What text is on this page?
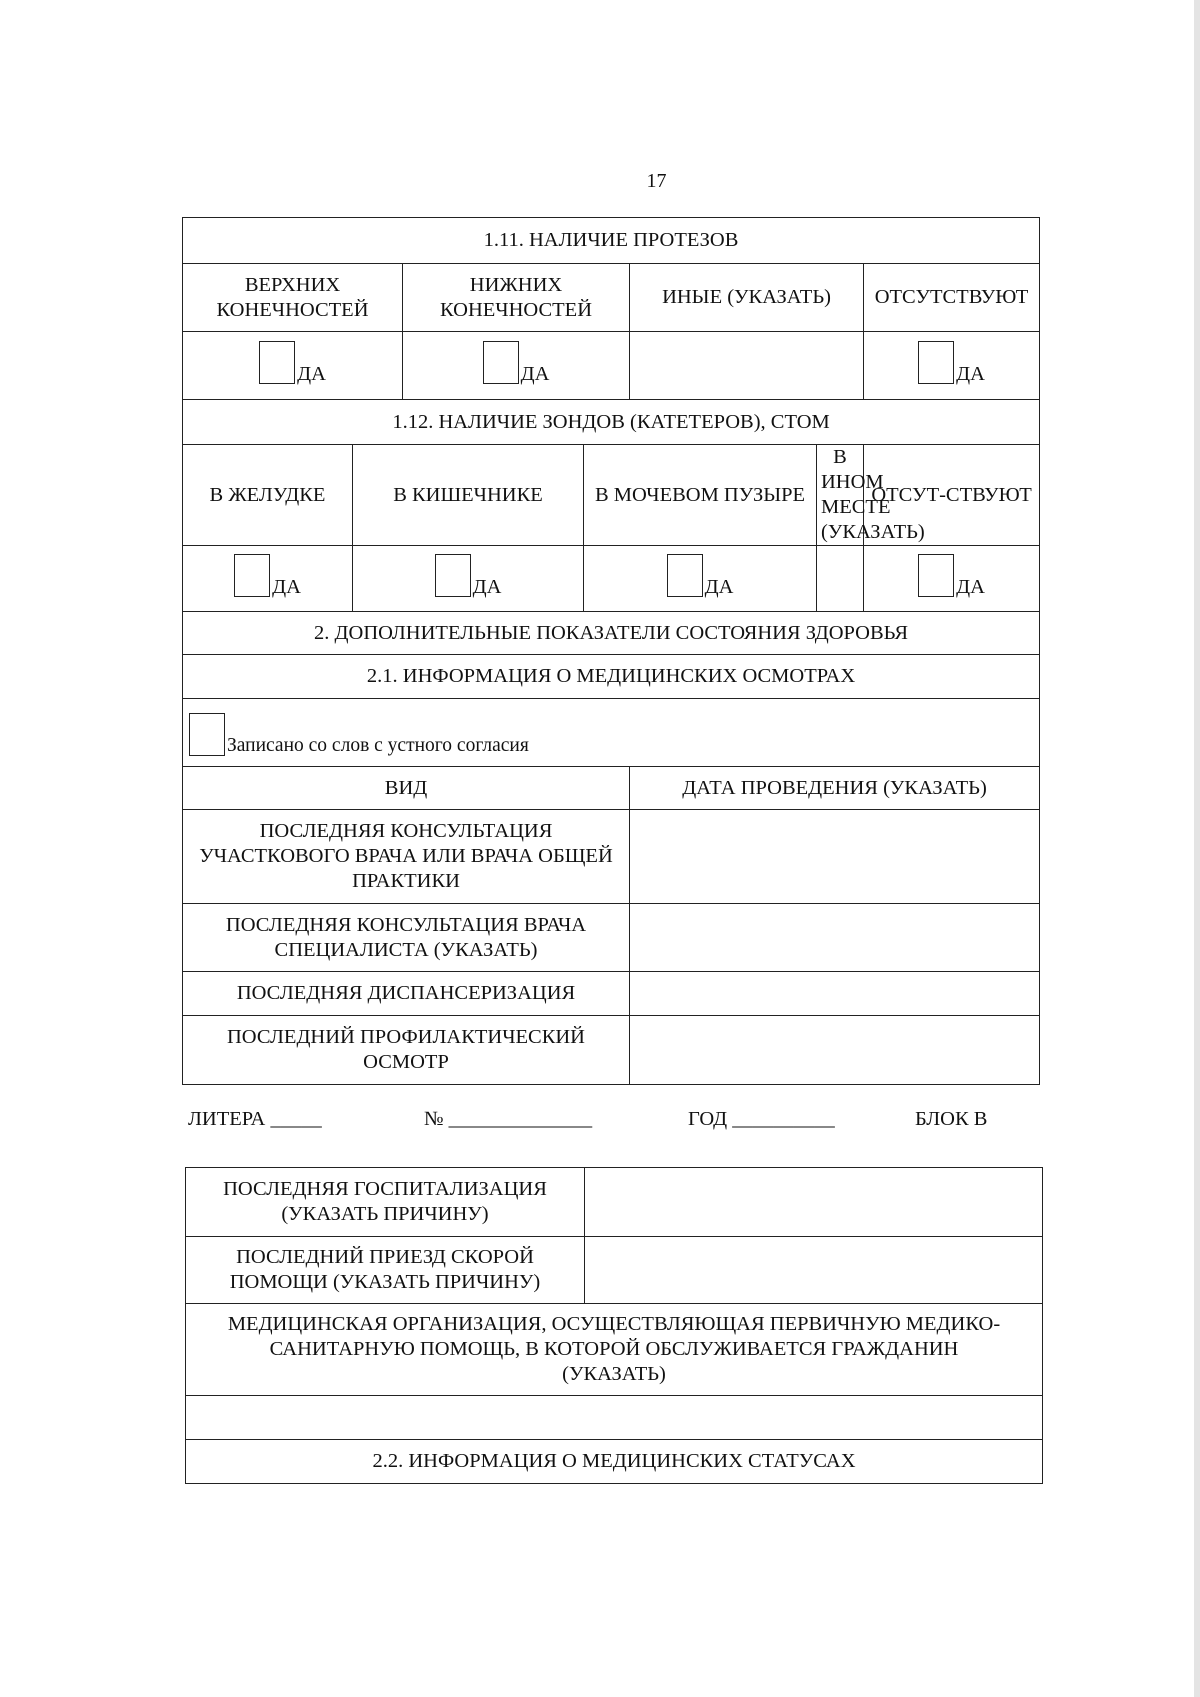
17
1.11. НАЛИЧИЕ ПРОТЕЗОВ						
ВЕРХНИХ КОНЕЧНОСТЕЙ		НИЖНИХ КОНЕЧНОСТЕЙ		ИНЫЕ (УКАЗАТЬ)		ОТСУТСТВУЮТ

ДА		ДА				ДА

1.12. НАЛИЧИЕ ЗОНДОВ (КАТЕТЕРОВ), СТОМ						
В ЖЕЛУДКЕ	В КИШЕЧНИКЕ		В МОЧЕВОМ ПУЗЫРЕ		В ИНОМ МЕСТЕ (УКАЗАТЬ)	ОТСУТ-СТВУЮТ

ДА	ДА		ДА			ДА

2. ДОПОЛНИТЕЛЬНЫЕ ПОКАЗАТЕЛИ СОСТОЯНИЯ ЗДОРОВЬЯ						
2.1. ИНФОРМАЦИЯ О МЕДИЦИНСКИХ ОСМОТРАХ						

Записано со слов с устного согласия						

ВИД				ДАТА ПРОВЕДЕНИЯ (УКАЗАТЬ)		
ПОСЛЕДНЯЯ КОНСУЛЬТАЦИЯ УЧАСТКОВОГО ВРАЧА ИЛИ ВРАЧА ОБЩЕЙ ПРАКТИКИ						
ПОСЛЕДНЯЯ КОНСУЛЬТАЦИЯ ВРАЧА СПЕЦИАЛИСТА (УКАЗАТЬ)						
ПОСЛЕДНЯЯ ДИСПАНСЕРИЗАЦИЯ						
ПОСЛЕДНИЙ ПРОФИЛАКТИЧЕСКИЙ ОСМОТР						
ЛИТЕРА _____	№ ______________	ГОД __________	БЛОК В
ПОСЛЕДНЯЯ ГОСПИТАЛИЗАЦИЯ (УКАЗАТЬ ПРИЧИНУ)	
ПОСЛЕДНИЙ ПРИЕЗД СКОРОЙ ПОМОЩИ (УКАЗАТЬ ПРИЧИНУ)	
МЕДИЦИНСКАЯ ОРГАНИЗАЦИЯ, ОСУЩЕСТВЛЯЮЩАЯ ПЕРВИЧНУЮ МЕДИКО-САНИТАРНУЮ ПОМОЩЬ, В КОТОРОЙ ОБСЛУЖИВАЕТСЯ ГРАЖДАНИН (УКАЗАТЬ)	

2.2. ИНФОРМАЦИЯ О МЕДИЦИНСКИХ СТАТУСАХ	
